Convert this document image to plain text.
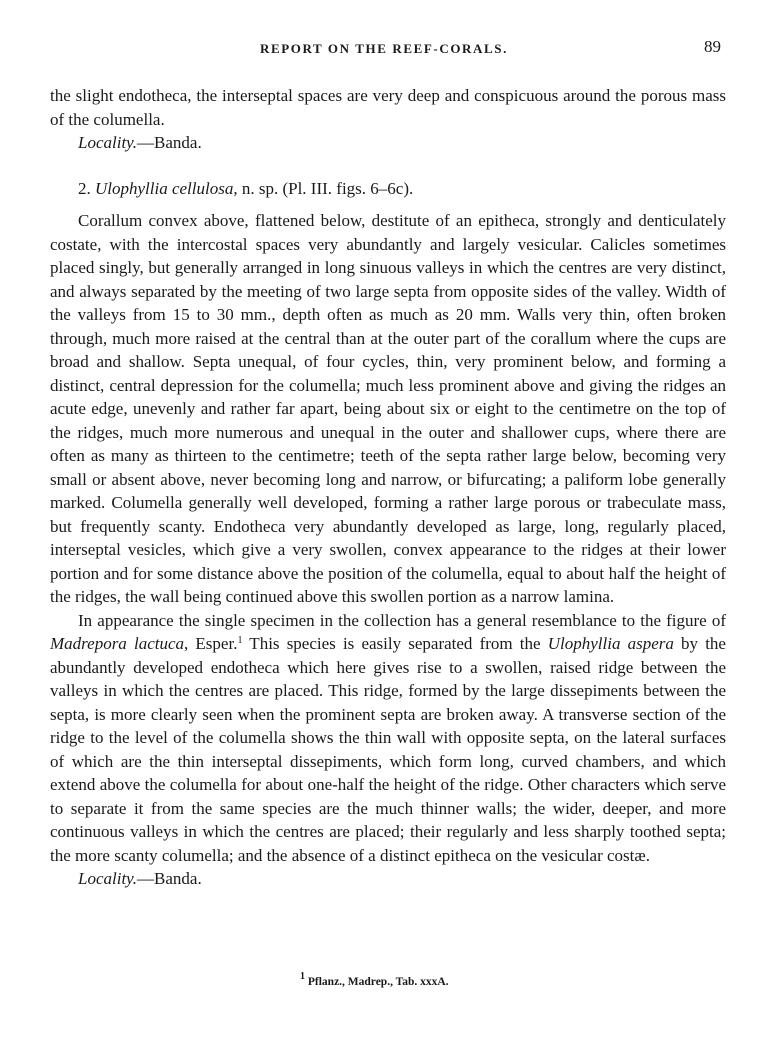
REPORT ON THE REEF-CORALS.	89

the slight endotheca, the interseptal spaces are very deep and conspicuous around the porous mass of the columella.

Locality.—Banda.

2. Ulophyllia cellulosa, n. sp. (Pl. III. figs. 6–6c).

Corallum convex above, flattened below, destitute of an epitheca, strongly and denticulately costate, with the intercostal spaces very abundantly and largely vesicular. Calicles sometimes placed singly, but generally arranged in long sinuous valleys in which the centres are very distinct, and always separated by the meeting of two large septa from opposite sides of the valley. Width of the valleys from 15 to 30 mm., depth often as much as 20 mm. Walls very thin, often broken through, much more raised at the central than at the outer part of the corallum where the cups are broad and shallow. Septa unequal, of four cycles, thin, very prominent below, and forming a distinct, central depression for the columella; much less prominent above and giving the ridges an acute edge, unevenly and rather far apart, being about six or eight to the centimetre on the top of the ridges, much more numerous and unequal in the outer and shallower cups, where there are often as many as thirteen to the centimetre; teeth of the septa rather large below, becoming very small or absent above, never becoming long and narrow, or bifurcating; a paliform lobe generally marked. Columella generally well developed, forming a rather large porous or trabeculate mass, but frequently scanty. Endotheca very abundantly developed as large, long, regularly placed, interseptal vesicles, which give a very swollen, convex appearance to the ridges at their lower portion and for some distance above the position of the columella, equal to about half the height of the ridges, the wall being continued above this swollen portion as a narrow lamina.

In appearance the single specimen in the collection has a general resemblance to the figure of Madrepora lactuca, Esper.$^1$ This species is easily separated from the Ulophyllia aspera by the abundantly developed endotheca which here gives rise to a swollen, raised ridge between the valleys in which the centres are placed. This ridge, formed by the large dissepiments between the septa, is more clearly seen when the prominent septa are broken away. A transverse section of the ridge to the level of the columella shows the thin wall with opposite septa, on the lateral surfaces of which are the thin interseptal dissepiments, which form long, curved chambers, and which extend above the columella for about one-half the height of the ridge. Other characters which serve to separate it from the same species are the much thinner walls; the wider, deeper, and more continuous valleys in which the centres are placed; their regularly and less sharply toothed septa; the more scanty columella; and the absence of a distinct epitheca on the vesicular costæ.

Locality.—Banda.

$^1$ Pflanz., Madrep., Tab. xxxA.
